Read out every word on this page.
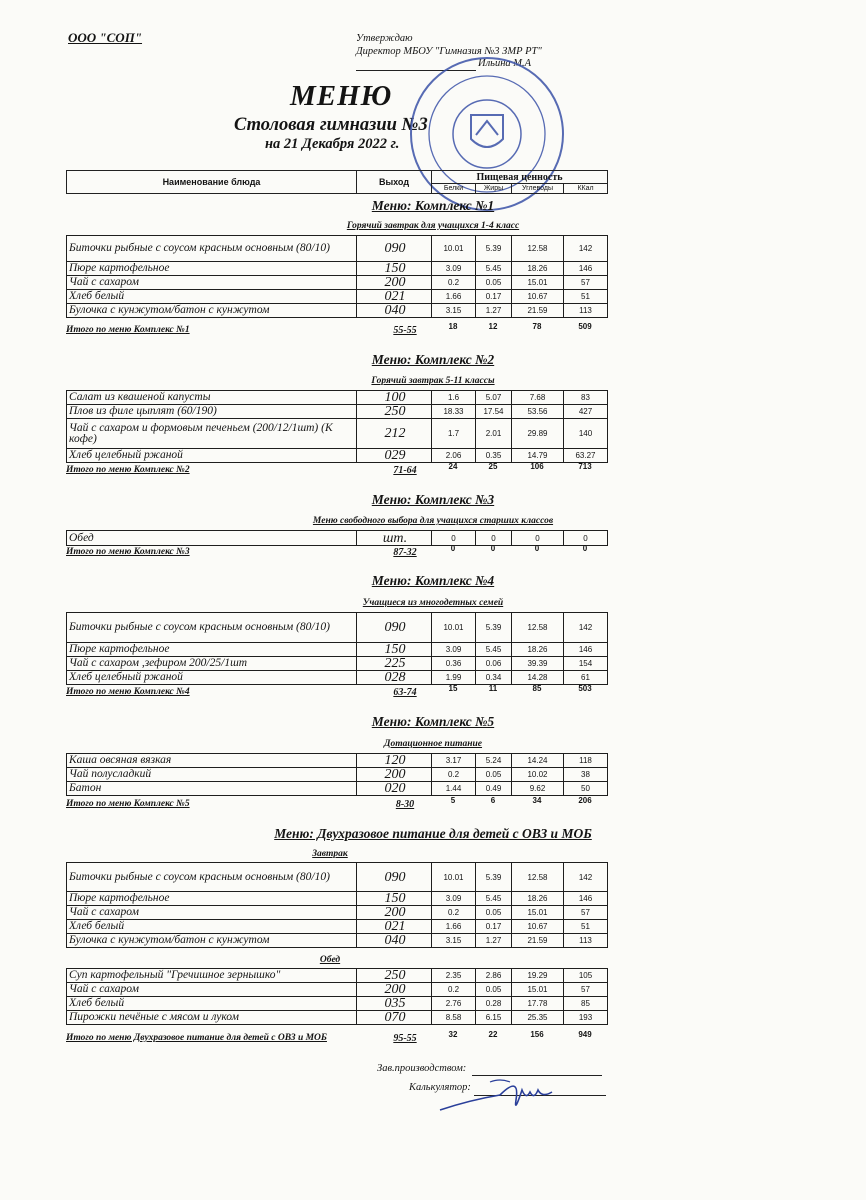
ООО "СОП"	Утверждаю
Директор МБОУ "Гимназия №3 ЗМР РТ"
Ильина М.А
МЕНЮ
Столовая гимназии №3
на 21 Декабря 2022 г.
Наименование блюда	Выход	Пищевая ценность			
		Белки	Жиры	Углеводы	ККал
Меню: Комплекс №1
Горячий завтрак для учащихся 1-4 класс
Биточки рыбные с соусом красным основным (80/10)	090	10.01	5.39	12.58	142
Пюре картофельное	150	3.09	5.45	18.26	146
Чай с сахаром	200	0.2	0.05	15.01	57
Хлеб белый	021	1.66	0.17	10.67	51
Булочка с кунжутом/батон с кунжутом	040	3.15	1.27	21.59	113
Итого по меню Комплекс №1	55-55	18	12	78	509
Меню: Комплекс №2
Горячий завтрак 5-11 классы
Салат из квашеной капусты	100	1.6	5.07	7.68	83
Плов из филе цыплят (60/190)	250	18.33	17.54	53.56	427
Чай с сахаром и формовым печеньем (200/12/1шт) (К кофе)	212	1.7	2.01	29.89	140
Хлеб целебный ржаной	029	2.06	0.35	14.79	63.27
Итого по меню Комплекс №2	71-64	24	25	106	713
Меню: Комплекс №3
Меню свободного выбора для учащихся старших классов
Обед	шт.	0	0	0	0
Итого по меню Комплекс №3	87-32	0	0	0	0
Меню: Комплекс №4
Учащиеся из многодетных семей
Биточки рыбные с соусом красным основным (80/10)	090	10.01	5.39	12.58	142
Пюре картофельное	150	3.09	5.45	18.26	146
Чай с сахаром ,зефиром 200/25/1шт	225	0.36	0.06	39.39	154
Хлеб целебный ржаной	028	1.99	0.34	14.28	61
Итого по меню Комплекс №4	63-74	15	11	85	503
Меню: Комплекс №5
Дотационное питание
Каша овсяная вязкая	120	3.17	5.24	14.24	118
Чай полусладкий	200	0.2	0.05	10.02	38
Батон	020	1.44	0.49	9.62	50
Итого по меню Комплекс №5	8-30	5	6	34	206
Меню: Двухразовое питание для детей с ОВЗ и МОБ
Завтрак
Биточки рыбные с соусом красным основным (80/10)	090	10.01	5.39	12.58	142
Пюре картофельное	150	3.09	5.45	18.26	146
Чай с сахаром	200	0.2	0.05	15.01	57
Хлеб белый	021	1.66	0.17	10.67	51
Булочка с кунжутом/батон с кунжутом	040	3.15	1.27	21.59	113
Обед
Суп картофельный "Гречишное зернышко"	250	2.35	2.86	19.29	105
Чай с сахаром	200	0.2	0.05	15.01	57
Хлеб белый	035	2.76	0.28	17.78	85
Пирожки печёные с мясом и луком	070	8.58	6.15	25.35	193
Итого по меню Двухразовое питание для детей с ОВЗ и МОБ	95-55	32	22	156	949
Зав.производством:
Калькулятор:
